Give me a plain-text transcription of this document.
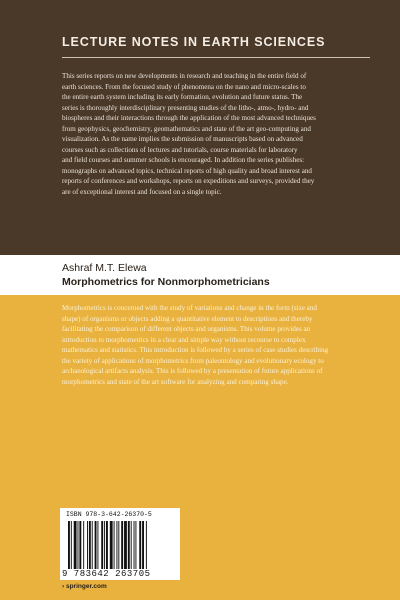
LECTURE NOTES IN EARTH SCIENCES

This series reports on new developments in research and teaching in the entire field of

earth sciences. From the focused study of phenomena on the nano and micro-scales to

the entire earth system including its early formation, evolution and future status. The

series is thoroughly interdisciplinary presenting studies of the litho-, atmo-, hydro- and

biospheres and their interactions through the application of the most advanced techniques

from geophysics, geochemistry, geomathematics and state of the art geo-computing and

visualization. As the name implies the submission of manuscripts based on advanced

courses such as collections of lectures and tutorials, course materials for laboratory

and field courses and summer schools is encouraged. In addition the series publishes:

monographs on advanced topics, technical reports of high quality and broad interest and

reports of conferences and workshops, reports on expeditions and surveys, provided they

are of exceptional interest and focused on a single topic.

Ashraf M.T. Elewa
Morphometrics for Nonmorphometricians

Morphometrics is concerned with the study of variations and change in the form (size and

shape) of organisms or objects adding a quantitative element to descriptions and thereby

facilitating the comparison of different objects and organisms. This volume provides an

introduction to morphometrics in a clear and simple way without recourse to complex

mathematics and statistics. This introduction is followed by a series of case studies describing

the variety of applications of morphometrics from paleontology and evolutionary ecology to

archaeological artifacts analysis. This is followed by a presentation of future applications of

morphometrics and state of the art software for analyzing and comparing shape.

ISBN 978-3-642-26370-5
9 783642 263705
› springer.com
